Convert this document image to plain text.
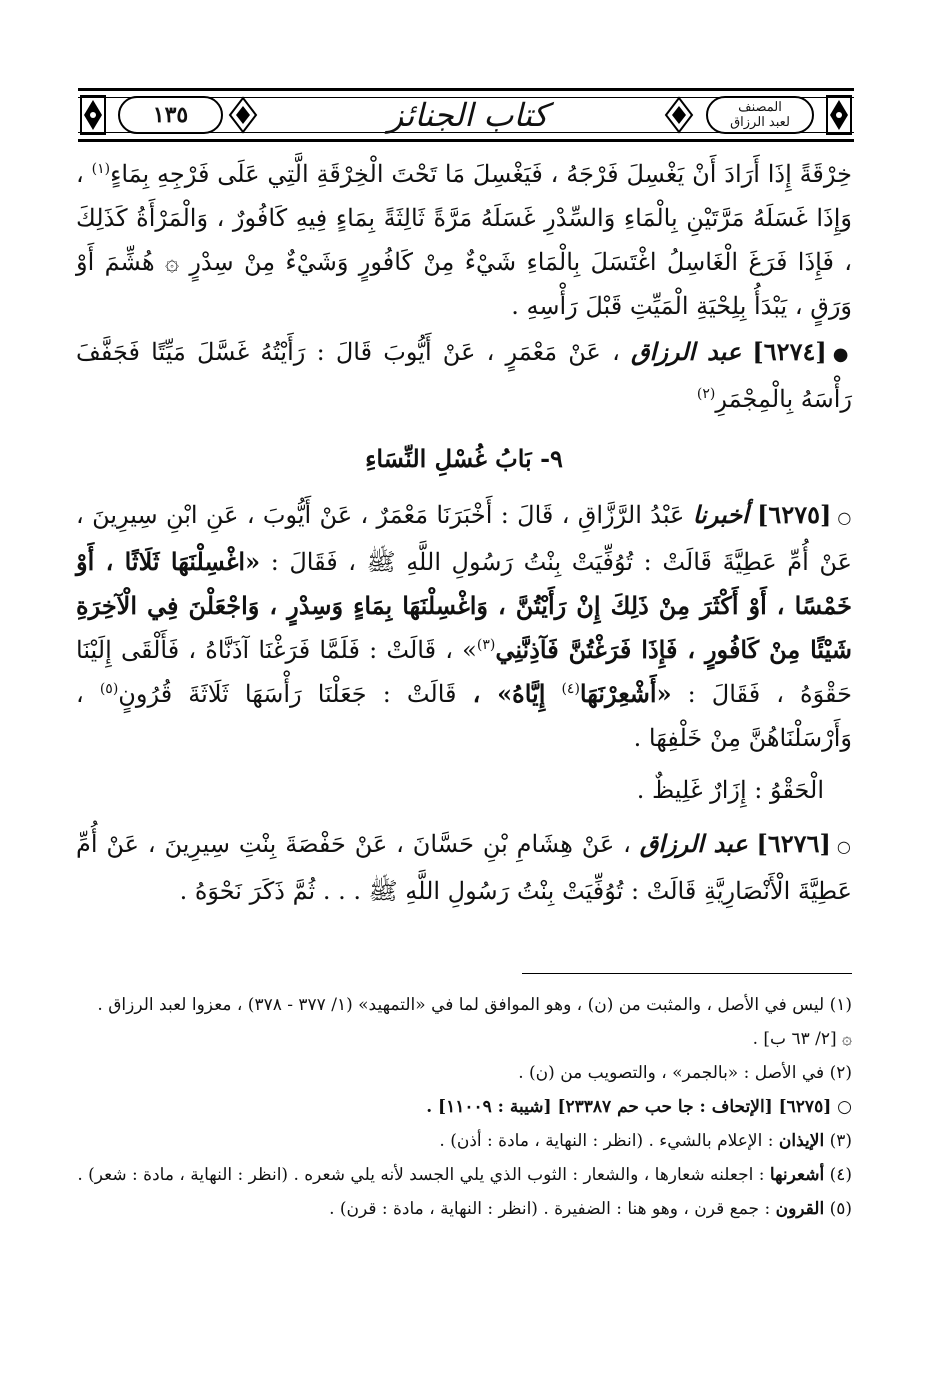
١٣٥	كتاب الجنائز	المصنف
لعبد الرزاق

خِرْقَةً إِذَا أَرَادَ أَنْ يَغْسِلَ فَرْجَهُ ، فَيَغْسِلَ مَا تَحْتَ الْخِرْقَةِ الَّتِي عَلَى فَرْجِهِ بِمَاءٍ$^{(١)}$ ، وَإِذَا غَسَلَهُ مَرَّتَيْنِ بِالْمَاءِ وَالسِّدْرِ غَسَلَهُ مَرَّةً ثَالِثَةً بِمَاءٍ فِيهِ كَافُورٌ ، وَالْمَرْأَةُ كَذَلِكَ ، فَإِذَا فَرَغَ الْغَاسِلُ اغْتَسَلَ بِالْمَاءِ شَيْءٌ مِنْ كَافُورٍ وَشَيْءٌ مِنْ سِدْرٍ ۞ هُشِّمَ أَوْ وَرَقٍ ، يَبْدَأُ بِلِحْيَةِ الْمَيِّتِ قَبْلَ رَأْسِهِ .

●[٦٢٧٤] عبد الرزاق ، عَنْ مَعْمَرٍ ، عَنْ أَيُّوبَ قَالَ : رَأَيْتُهُ غَسَّلَ مَيِّتًا فَجَفَّفَ رَأْسَهُ بِالْمِجْمَرِ$^{(٢)}$

٩- بَابُ غُسْلِ النِّسَاءِ

○[٦٢٧٥] أخبرنا عَبْدُ الرَّزَّاقِ ، قَالَ : أَخْبَرَنَا مَعْمَرٌ ، عَنْ أَيُّوبَ ، عَنِ ابْنِ سِيرِينَ ، عَنْ أُمِّ عَطِيَّةَ قَالَتْ : تُوُفِّيَتْ بِنْتُ رَسُولِ اللَّهِ ﷺ ، فَقَالَ : «اغْسِلْنَهَا ثَلَاثًا ، أَوْ خَمْسًا ، أَوْ أَكْثَرَ مِنْ ذَلِكَ إِنْ رَأَيْتُنَّ ، وَاغْسِلْنَهَا بِمَاءٍ وَسِدْرٍ ، وَاجْعَلْنَ فِي الْآخِرَةِ شَيْئًا مِنْ كَافُورٍ ، فَإِذَا فَرَغْتُنَّ فَآذِنَّنِي$^{(٣)}$» ، قَالَتْ : فَلَمَّا فَرَغْنَا آذَنَّاهُ ، فَأَلْقَى إِلَيْنَا حَقْوَهُ ، فَقَالَ : «أَشْعِرْنَهَا$^{(٤)}$ إِيَّاهُ» ، قَالَتْ : جَعَلْنَا رَأْسَهَا ثَلَاثَةَ قُرُونٍ$^{(٥)}$ ، وَأَرْسَلْنَاهُنَّ مِنْ خَلْفِهَا .

الْحَقْوُ : إِزَارٌ غَلِيظٌ .

○[٦٢٧٦] عبد الرزاق ، عَنْ هِشَامِ بْنِ حَسَّانَ ، عَنْ حَفْصَةَ بِنْتِ سِيرِينَ ، عَنْ أُمِّ عَطِيَّةَ الْأَنْصَارِيَّةِ قَالَتْ : تُوُفِّيَتْ بِنْتُ رَسُولِ اللَّهِ ﷺ . . . ثُمَّ ذَكَرَ نَحْوَهُ .

(١) ليس في الأصل ، والمثبت من (ن) ، وهو الموافق لما في «التمهيد» (١/ ٣٧٧ - ٣٧٨) ، معزوا لعبد الرزاق .

۞ [٢/ ٦٣ ب] .

(٢) في الأصل : «بالجمر» ، والتصويب من (ن) .

○ [٦٢٧٥] [الإتحاف : جا حب حم ٢٣٣٨٧] [شيبة : ١١٠٠٩] .

(٣) الإيذان : الإعلام بالشيء . (انظر : النهاية ، مادة : أذن) .

(٤) أشعرنها : اجعلنه شعارها ، والشعار : الثوب الذي يلي الجسد لأنه يلي شعره . (انظر : النهاية ، مادة : شعر) .

(٥) القرون : جمع قرن ، وهو هنا : الضفيرة . (انظر : النهاية ، مادة : قرن) .
